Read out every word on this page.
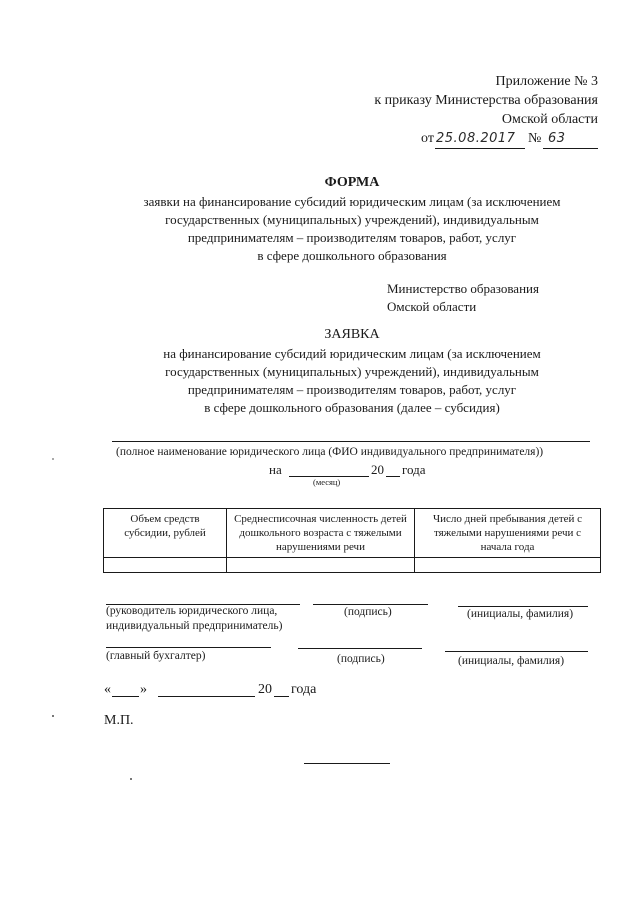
Приложение № 3
к приказу Министерства образования
Омской области
от 25.08.2017 № 63
ФОРМА
заявки на финансирование субсидий юридическим лицам (за исключением
государственных (муниципальных) учреждений), индивидуальным
предпринимателям – производителям товаров, работ, услуг
в сфере дошкольного образования
Министерство образования
Омской области
ЗАЯВКА
на финансирование субсидий юридическим лицам (за исключением
государственных (муниципальных) учреждений), индивидуальным
предпринимателям – производителям товаров, работ, услуг
в сфере дошкольного образования (далее – субсидия)
(полное наименование юридического лица (ФИО индивидуального предпринимателя))
на	20 года
(месяц)
Объем средств субсидии, рублей	Среднесписочная численность детей дошкольного возраста с тяжелыми нарушениями речи	Число дней пребывания детей с тяжелыми нарушениями речи с начала года

(руководитель юридического лица,
индивидуальный предприниматель)
(подпись)	(инициалы, фамилия)
(главный бухгалтер)	(подпись)	(инициалы, фамилия)
« »	20 года
М.П.
